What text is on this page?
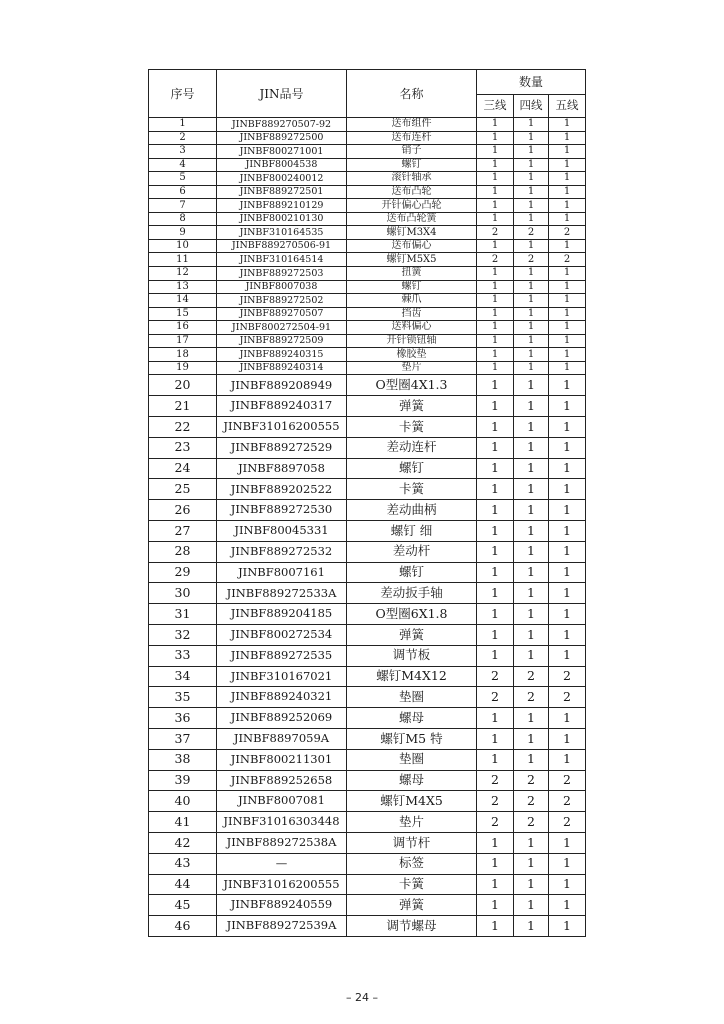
序号	JIN品号	名称	数量		
			三线	四线	五线
1	JINBF889270507-92	送布组件	1	1	1
2	JINBF889272500	送布连杆	1	1	1
3	JINBF800271001	销子	1	1	1
4	JINBF8004538	螺钉	1	1	1
5	JINBF800240012	滚针轴承	1	1	1
6	JINBF889272501	送布凸轮	1	1	1
7	JINBF889210129	开针偏心凸轮	1	1	1
8	JINBF800210130	送布凸轮簧	1	1	1
9	JINBF310164535	螺钉M3X4	2	2	2
10	JINBF889270506-91	送布偏心	1	1	1
11	JINBF310164514	螺钉M5X5	2	2	2
12	JINBF889272503	扭簧	1	1	1
13	JINBF8007038	螺钉	1	1	1
14	JINBF889272502	棘爪	1	1	1
15	JINBF889270507	挡齿	1	1	1
16	JINBF800272504-91	送料偏心	1	1	1
17	JINBF889272509	开针锁钮轴	1	1	1
18	JINBF889240315	橡胶垫	1	1	1
19	JINBF889240314	垫片	1	1	1
20	JINBF889208949	O型圈4X1.3	1	1	1
21	JINBF889240317	弹簧	1	1	1
22	JINBF31016200555	卡簧	1	1	1
23	JINBF889272529	差动连杆	1	1	1
24	JINBF8897058	螺钉	1	1	1
25	JINBF889202522	卡簧	1	1	1
26	JINBF889272530	差动曲柄	1	1	1
27	JINBF80045331	螺钉 细	1	1	1
28	JINBF889272532	差动杆	1	1	1
29	JINBF8007161	螺钉	1	1	1
30	JINBF889272533A	差动扳手轴	1	1	1
31	JINBF889204185	O型圈6X1.8	1	1	1
32	JINBF800272534	弹簧	1	1	1
33	JINBF889272535	调节板	1	1	1
34	JINBF310167021	螺钉M4X12	2	2	2
35	JINBF889240321	垫圈	2	2	2
36	JINBF889252069	螺母	1	1	1
37	JINBF8897059A	螺钉M5 特	1	1	1
38	JINBF800211301	垫圈	1	1	1
39	JINBF889252658	螺母	2	2	2
40	JINBF8007081	螺钉M4X5	2	2	2
41	JINBF31016303448	垫片	2	2	2
42	JINBF889272538A	调节杆	1	1	1
43	—	标签	1	1	1
44	JINBF31016200555	卡簧	1	1	1
45	JINBF889240559	弹簧	1	1	1
46	JINBF889272539A	调节螺母	1	1	1
– 24 –
